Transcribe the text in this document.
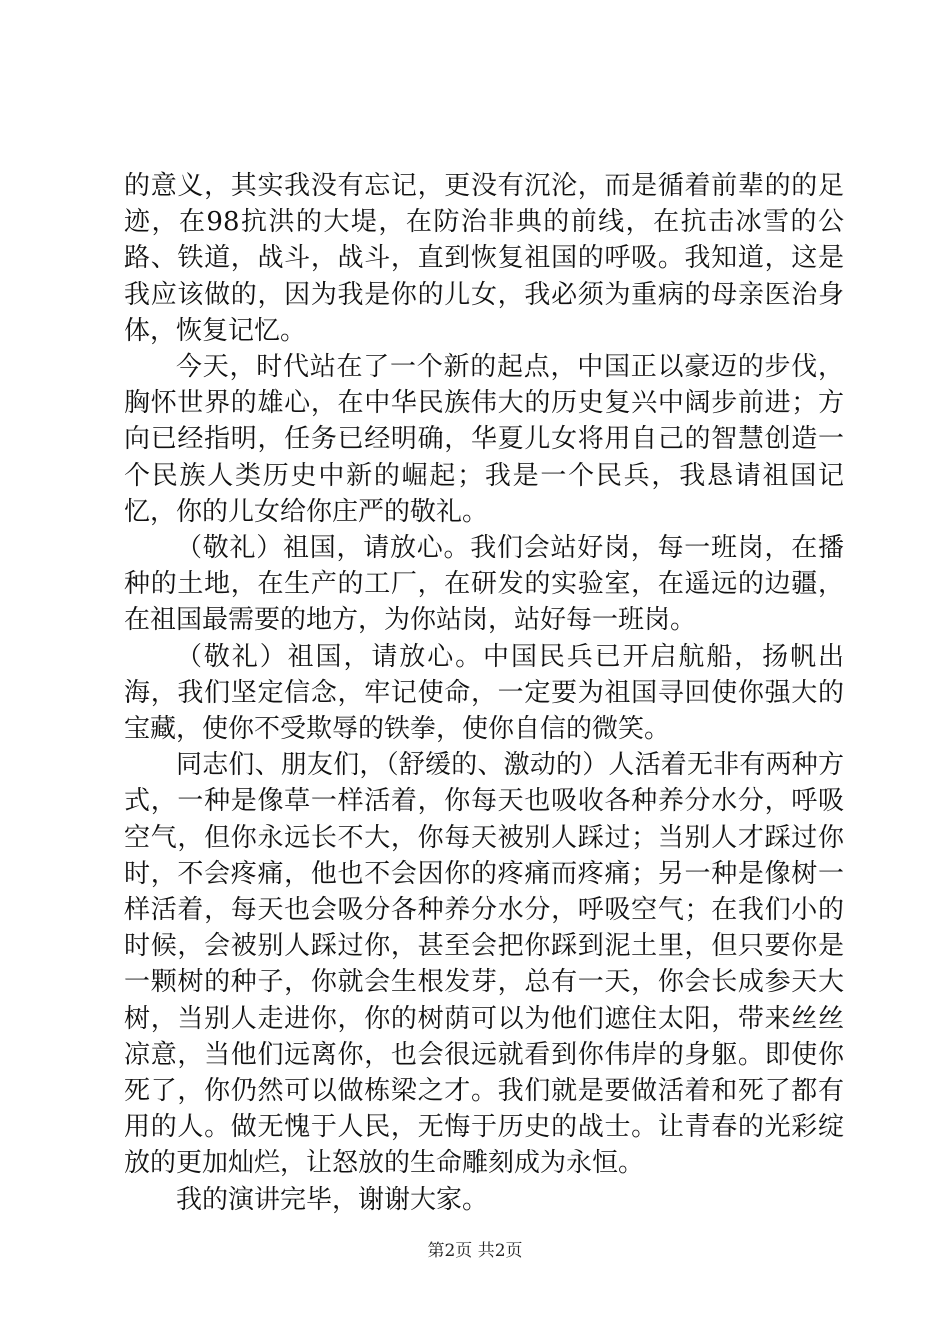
的意义，其实我没有忘记，更没有沉沦，而是循着前辈的的足迹，在98抗洪的大堤，在防治非典的前线，在抗击冰雪的公路、铁道，战斗，战斗，直到恢复祖国的呼吸。我知道，这是我应该做的，因为我是你的儿女，我必须为重病的母亲医治身体，恢复记忆。

今天，时代站在了一个新的起点，中国正以豪迈的步伐，胸怀世界的雄心，在中华民族伟大的历史复兴中阔步前进；方向已经指明，任务已经明确，华夏儿女将用自己的智慧创造一个民族人类历史中新的崛起；我是一个民兵，我恳请祖国记忆，你的儿女给你庄严的敬礼。

（敬礼）祖国，请放心。我们会站好岗，每一班岗，在播种的土地，在生产的工厂，在研发的实验室，在遥远的边疆，在祖国最需要的地方，为你站岗，站好每一班岗。

（敬礼）祖国，请放心。中国民兵已开启航船，扬帆出海，我们坚定信念，牢记使命，一定要为祖国寻回使你强大的宝藏，使你不受欺辱的铁拳，使你自信的微笑。

同志们、朋友们，（舒缓的、激动的）人活着无非有两种方式，一种是像草一样活着，你每天也吸收各种养分水分，呼吸空气，但你永远长不大，你每天被别人踩过；当别人才踩过你时，不会疼痛，他也不会因你的疼痛而疼痛；另一种是像树一样活着，每天也会吸分各种养分水分，呼吸空气；在我们小的时候，会被别人踩过你，甚至会把你踩到泥土里，但只要你是一颗树的种子，你就会生根发芽，总有一天，你会长成参天大树，当别人走进你，你的树荫可以为他们遮住太阳，带来丝丝凉意，当他们远离你，也会很远就看到你伟岸的身躯。即使你死了，你仍然可以做栋梁之才。我们就是要做活着和死了都有用的人。做无愧于人民，无悔于历史的战士。让青春的光彩绽放的更加灿烂，让怒放的生命雕刻成为永恒。

我的演讲完毕，谢谢大家。

第2页 共2页
